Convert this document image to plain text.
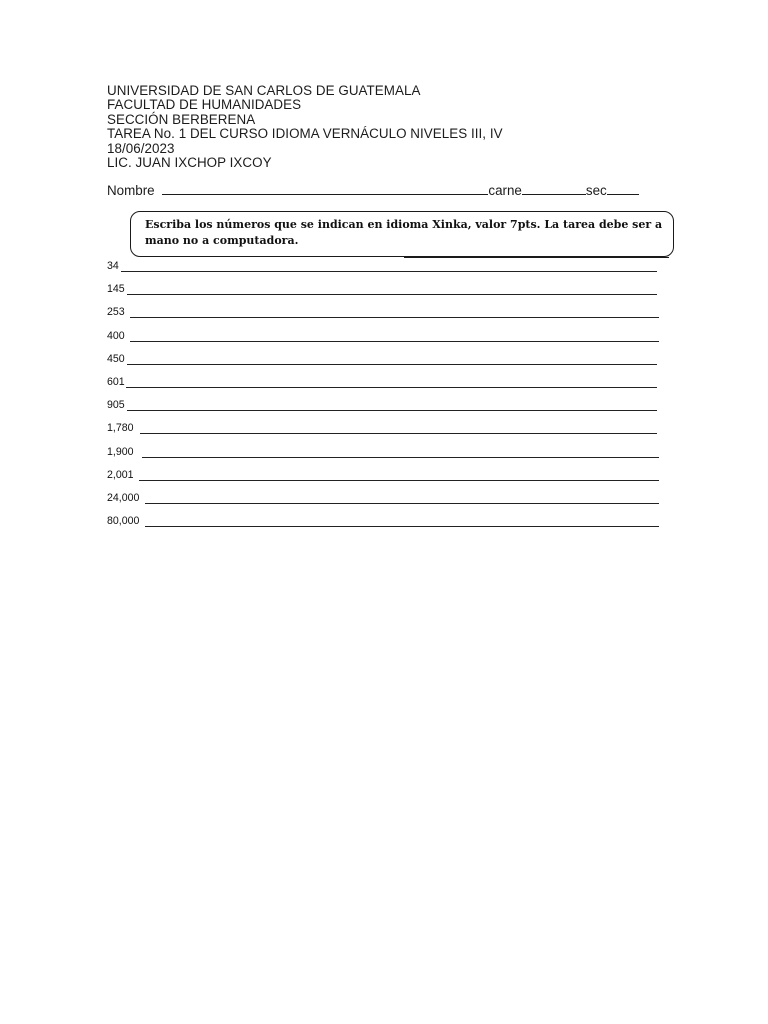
UNIVERSIDAD DE SAN CARLOS DE GUATEMALA
FACULTAD DE HUMANIDADES
SECCIÓN BERBERENA
TAREA No. 1 DEL CURSO IDIOMA VERNÁCULO NIVELES III, IV
18/06/2023
LIC. JUAN IXCHOP IXCOY
Nombre	carne	sec
Escriba los números que se indican en idioma Xinka, valor 7pts. La tarea debe ser a mano no a computadora.
34
145
253
400
450
601
905
1,780
1,900
2,001
24,000
80,000
